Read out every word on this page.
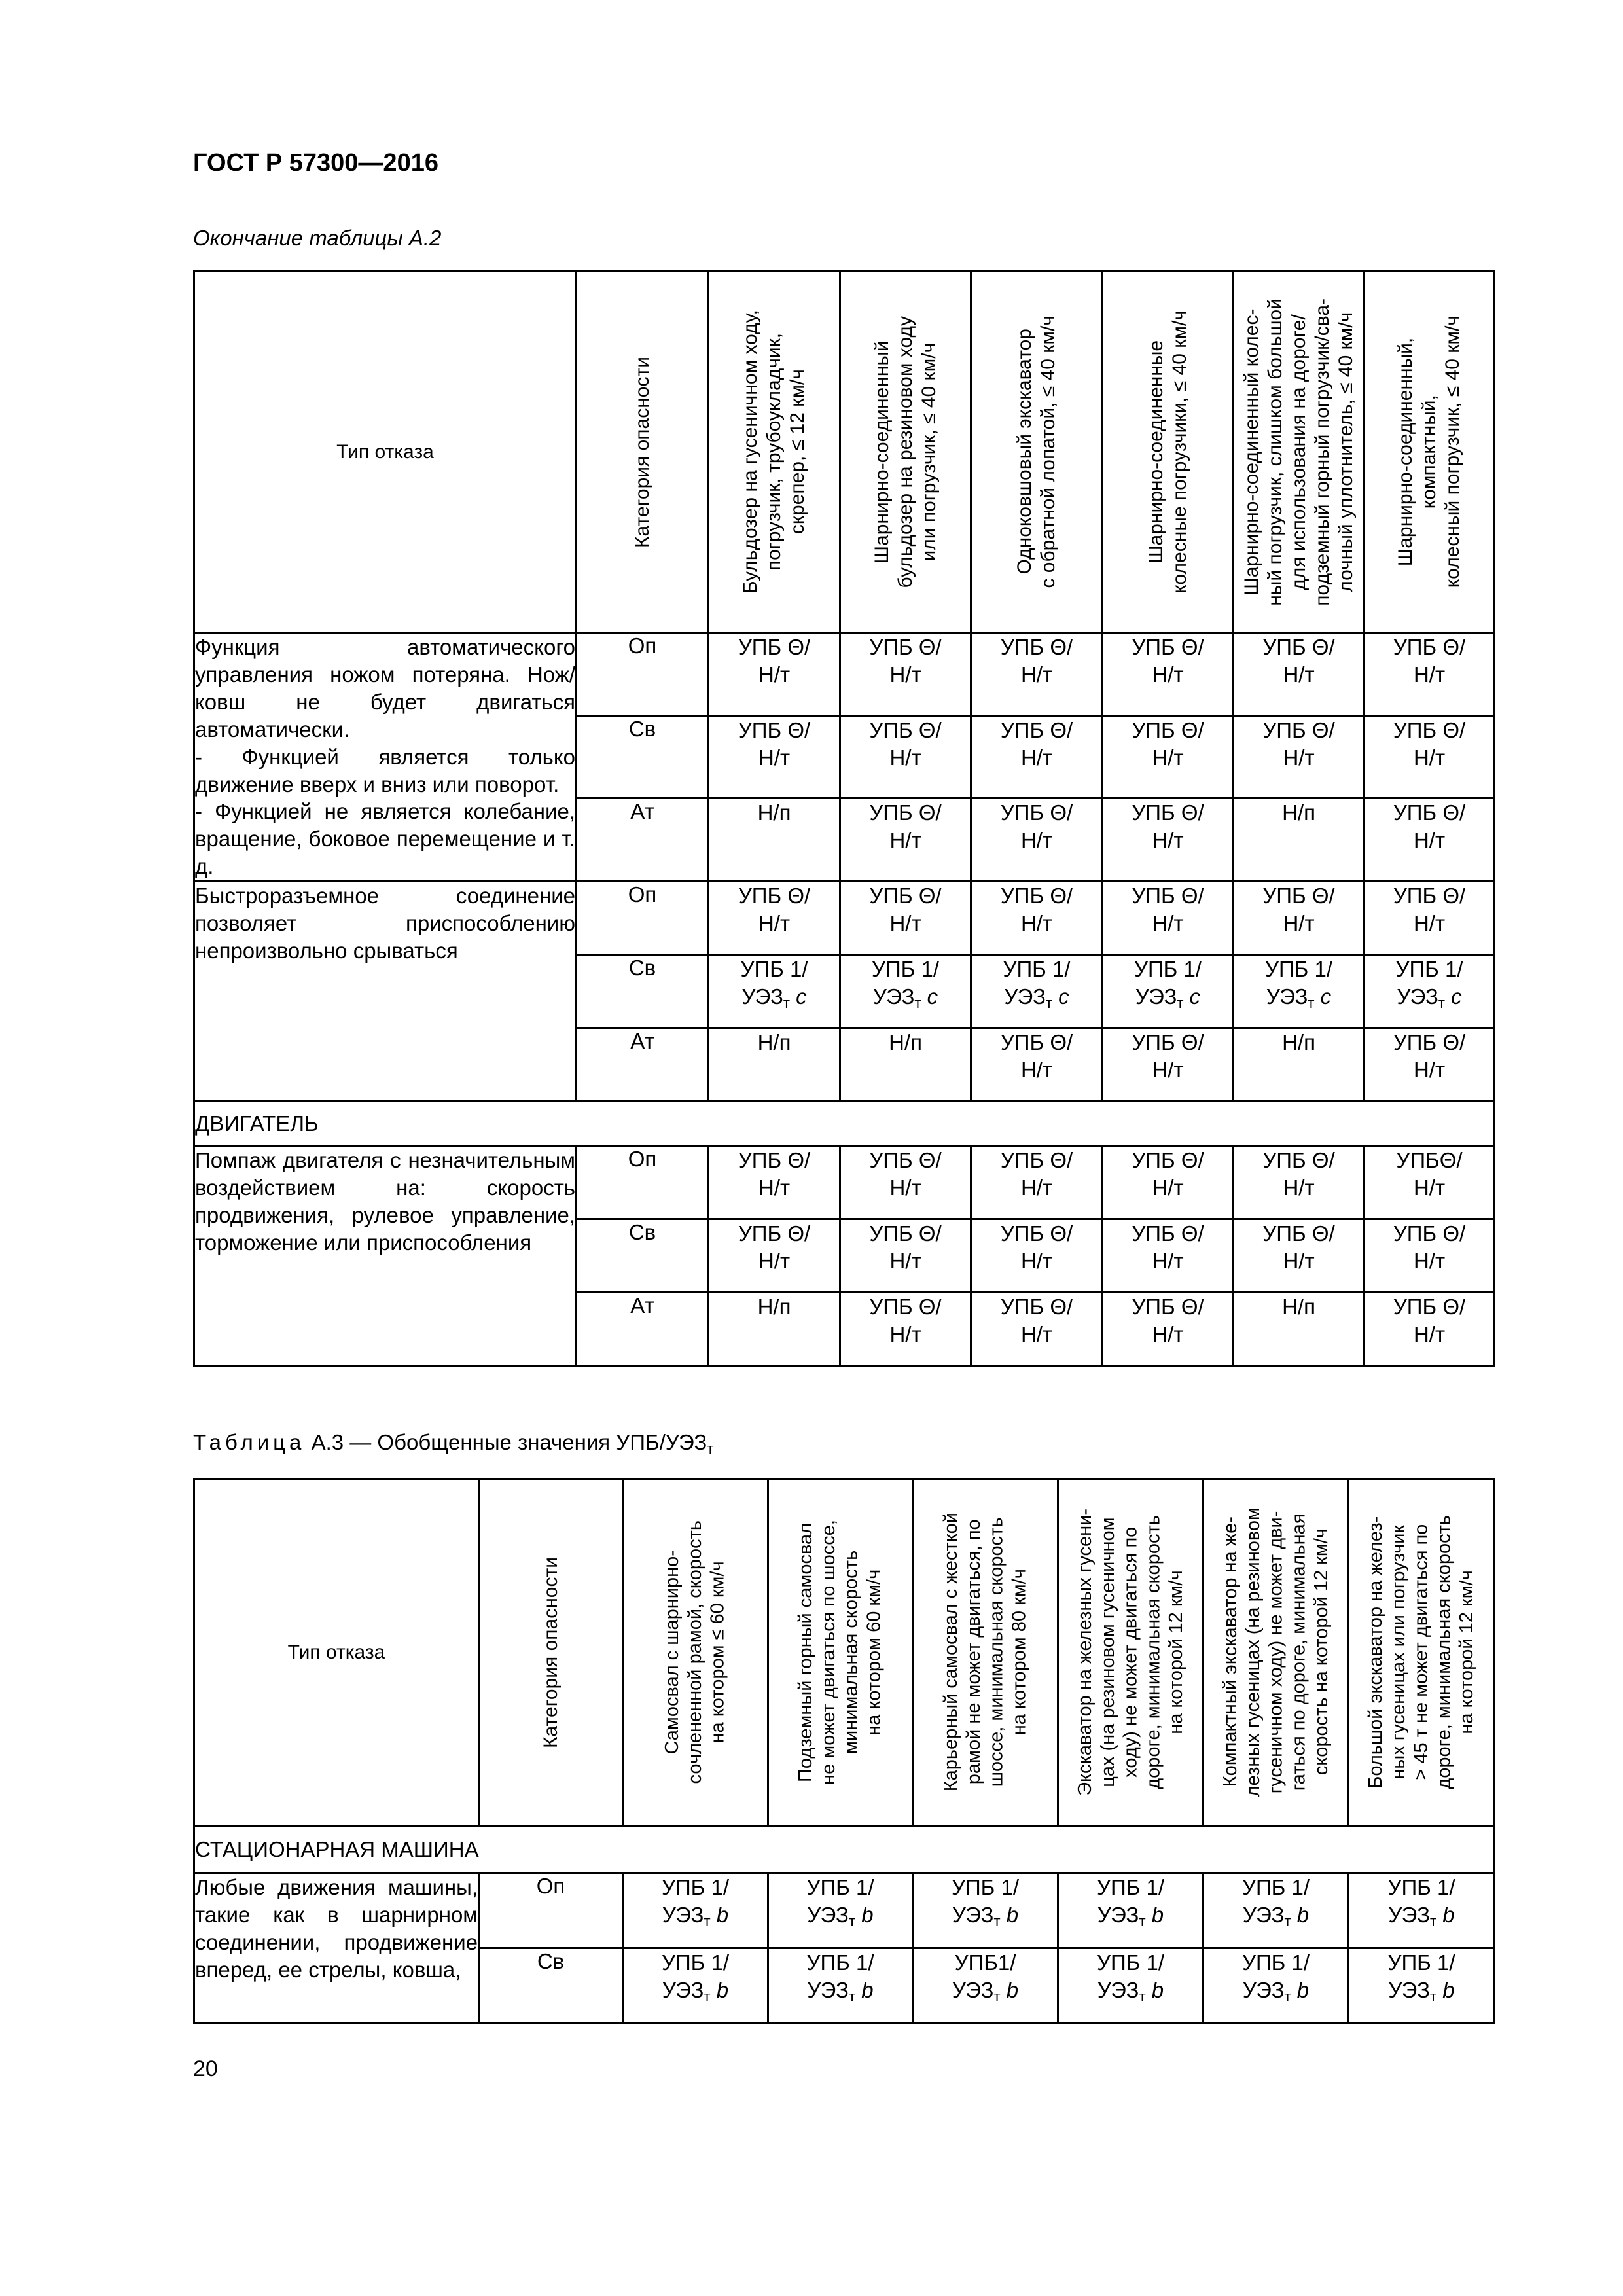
ГОСТ Р 57300—2016
Окончание таблицы А.2
Тип отказа	Категория опасности	Бульдозер на гусеничном ходу,
погрузчик, трубоукладчик,
скрепер, ≤ 12 км/ч	Шарнирно-соединенный
бульдозер на резиновом ходу
или погрузчик, ≤ 40 км/ч	Одноковшовый экскаватор
с обратной лопатой, ≤ 40 км/ч	Шарнирно-соединенные
колесные погрузчики, ≤ 40 км/ч	Шарнирно-соединенный колес-
ный погрузчик, слишком большой
для использования на дороге/
подземный горный погрузчик/сва-
лочный уплотнитель, ≤ 40 км/ч	Шарнирно-соединенный,
компактный,
колесный погрузчик, ≤ 40 км/ч

Функция автоматического управления ножом потеряна. Нож/ковш не будет двигаться автоматически.
- Функцией является только движение вверх и вниз или поворот.
- Функцией не является колебание, вращение, боковое перемещение и т. д.	Оп	УПБ Θ/
Н/т	УПБ Θ/
Н/т	УПБ Θ/
Н/т	УПБ Θ/
Н/т	УПБ Θ/
Н/т	УПБ Θ/
Н/т
	Св	УПБ Θ/
Н/т	УПБ Θ/
Н/т	УПБ Θ/
Н/т	УПБ Θ/
Н/т	УПБ Θ/
Н/т	УПБ Θ/
Н/т
	Ат	Н/п	УПБ Θ/
Н/т	УПБ Θ/
Н/т	УПБ Θ/
Н/т	Н/п	УПБ Θ/
Н/т
Быстроразъемное соединение позволяет приспособлению непроизвольно срываться	Оп	УПБ Θ/
Н/т	УПБ Θ/
Н/т	УПБ Θ/
Н/т	УПБ Θ/
Н/т	УПБ Θ/
Н/т	УПБ Θ/
Н/т
	Св	УПБ 1/
$УЭЗ_т$ c	УПБ 1/
$УЭЗ_т$ c	УПБ 1/
$УЭЗ_т$ c	УПБ 1/
$УЭЗ_т$ c	УПБ 1/
$УЭЗ_т$ c	УПБ 1/
$УЭЗ_т$ c
	Ат	Н/п	Н/п	УПБ Θ/
Н/т	УПБ Θ/
Н/т	Н/п	УПБ Θ/
Н/т
ДВИГАТЕЛЬ							
Помпаж двигателя с незначительным воздействием на: скорость продвижения, рулевое управление, торможение или приспособления	Оп	УПБ Θ/
Н/т	УПБ Θ/
Н/т	УПБ Θ/
Н/т	УПБ Θ/
Н/т	УПБ Θ/
Н/т	УПБΘ/
Н/т
	Св	УПБ Θ/
Н/т	УПБ Θ/
Н/т	УПБ Θ/
Н/т	УПБ Θ/
Н/т	УПБ Θ/
Н/т	УПБ Θ/
Н/т
	Ат	Н/п	УПБ Θ/
Н/т	УПБ Θ/
Н/т	УПБ Θ/
Н/т	Н/п	УПБ Θ/
Н/т
Таблица А.3 — Обобщенные значения УПБ/$УЭЗ_т$
Тип отказа	Категория опасности	Самосвал с шарнирно-
сочлененной рамой, скорость
на котором ≤ 60 км/ч	Подземный горный самосвал
не может двигаться по шоссе,
минимальная скорость
на котором 60 км/ч	Карьерный самосвал с жесткой
рамой не может двигаться, по
шоссе, минимальная скорость
на котором 80 км/ч	Экскаватор на железных гусени-
цах (на резиновом гусеничном
ходу) не может двигаться по
дороге, минимальная скорость
на которой 12 км/ч	Компактный экскаватор на же-
лезных гусеницах (на резиновом
гусеничном ходу) не может дви-
гаться по дороге, минимальная
скорость на которой 12 км/ч	Большой экскаватор на желез-
ных гусеницах или погрузчик
> 45 т не может двигаться по
дороге, минимальная скорость
на которой 12 км/ч

СТАЦИОНАРНАЯ МАШИНА							
Любые движения машины, такие как в шарнирном соединении, продвижение вперед, ее стрелы, ковша,	Оп	УПБ 1/
$УЭЗ_т$ b	УПБ 1/
$УЭЗ_т$ b	УПБ 1/
$УЭЗ_т$ b	УПБ 1/
$УЭЗ_т$ b	УПБ 1/
$УЭЗ_т$ b	УПБ 1/
$УЭЗ_т$ b
	Св	УПБ 1/
$УЭЗ_т$ b	УПБ 1/
$УЭЗ_т$ b	УПБ1/
$УЭЗ_т$ b	УПБ 1/
$УЭЗ_т$ b	УПБ 1/
$УЭЗ_т$ b	УПБ 1/
$УЭЗ_т$ b
20
